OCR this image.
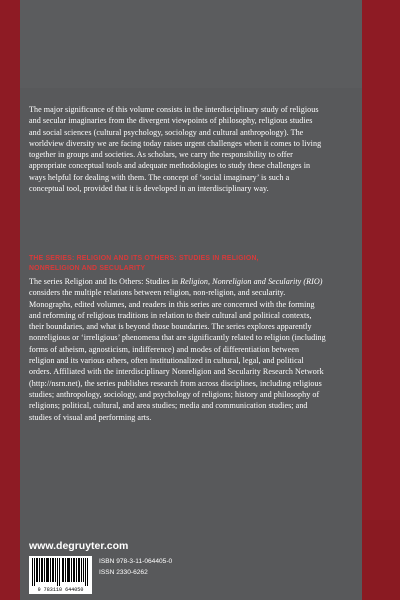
The major significance of this volume consists in the interdisciplinary study of religious and secular imaginaries from the divergent viewpoints of philosophy, religious studies and social sciences (cultural psychology, sociology and cultural anthropology). The worldview diversity we are facing today raises urgent challenges when it comes to living together in groups and societies. As scholars, we carry the responsibility to offer appropriate conceptual tools and adequate methodologies to study these challenges in ways helpful for dealing with them. The concept of ‘social imaginary’ is such a conceptual tool, provided that it is developed in an interdisciplinary way.
THE SERIES: RELIGION AND ITS OTHERS: STUDIES IN RELIGION, NONRELIGION AND SECULARITY
The series Religion and Its Others: Studies in Religion, Nonreligion and Secularity (RIO) considers the multiple relations between religion, non-religion, and secularity. Monographs, edited volumes, and readers in this series are concerned with the forming and reforming of religious traditions in relation to their cultural and political contexts, their boundaries, and what is beyond those boundaries. The series explores apparently nonreligious or ‘irreligious’ phenomena that are significantly related to religion (including forms of atheism, agnosticism, indifference) and modes of differentiation between religion and its various others, often institutionalized in cultural, legal, and political orders. Affiliated with the interdisciplinary Nonreligion and Secularity Research Network (http://nsrn.net), the series publishes research from across disciplines, including religious studies; anthropology, sociology, and psychology of religions; history and philosophy of religions; political, cultural, and area studies; media and communication studies; and studies of visual and performing arts.
www.degruyter.com
9 783110 644050
ISBN 978-3-11-064405-0
ISSN 2330-6262
